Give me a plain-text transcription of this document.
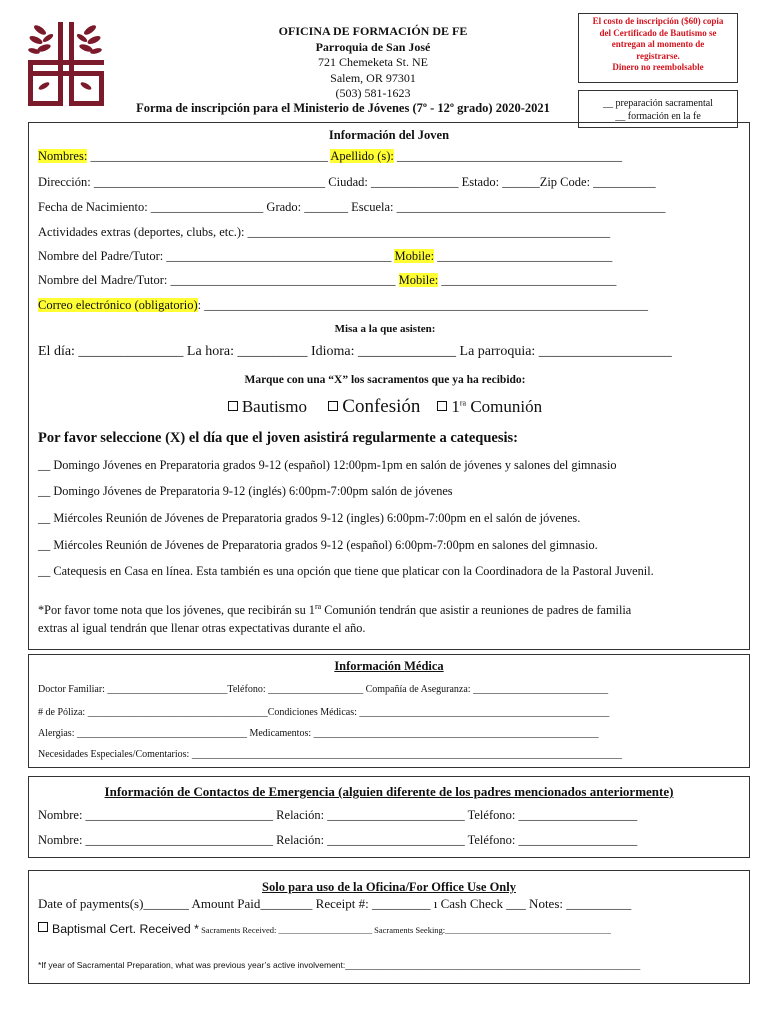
OFICINA DE FORMACIÓN DE FE
Parroquia de San José
721 Chemeketa St. NE
Salem, OR 97301
(503) 581-1623
Forma de inscripción para el Ministerio de Jóvenes (7º - 12º grado) 2020-2021
El costo de inscripción ($60) copia
del Certificado de Bautismo se
entregan al momento de
registrarse.
Dinero no reembolsable
__ preparación sacramental
__ formación en la fe
Información del Joven
Nombres: ______________________________________ Apellido (s): ____________________________________
Dirección: _____________________________________ Ciudad: ______________ Estado: ______Zip Code: __________
Fecha de Nacimiento: __________________ Grado: _______ Escuela: ___________________________________________
Actividades extras (deportes, clubs, etc.): __________________________________________________________
Nombre del Padre/Tutor: ____________________________________ Mobile: ____________________________
Nombre del Madre/Tutor: ____________________________________ Mobile: ____________________________
Correo electrónico (obligatorio): _______________________________________________________________________
Misa a la que asisten:
El día: _______________ La hora: __________ Idioma: ______________ La parroquia: ___________________
Marque con una “X” los sacramentos que ya ha recibido:
Bautismo Confesión $1^{ra}$ Comunión
Por favor seleccione (X) el día que el joven asistirá regularmente a catequesis:
__ Domingo Jóvenes en Preparatoria grados 9-12 (español) 12:00pm-1pm en salón de jóvenes y salones del gimnasio
__ Domingo Jóvenes de Preparatoria 9-12 (inglés) 6:00pm-7:00pm salón de jóvenes
__ Miércoles Reunión de Jóvenes de Preparatoria grados 9-12 (ingles) 6:00pm-7:00pm en el salón de jóvenes.
__ Miércoles Reunión de Jóvenes de Preparatoria grados 9-12 (español) 6:00pm-7:00pm en salones del gimnasio.
__ Catequesis en Casa en línea. Esta también es una opción que tiene que platicar con la Coordinadora de la Pastoral Juvenil.
*Por favor tome nota que los jóvenes, que recibirán su $1^{ra}$ Comunión tendrán que asistir a reuniones de padres de familia
extras al igual tendrán que llenar otras expectativas durante el año.
Información Médica
Doctor Familiar: ________________________Teléfono: ___________________ Compañía de Aseguranza: ___________________________
# de Póliza: ____________________________________Condiciones Médicas: __________________________________________________
Alergias: __________________________________ Medicamentos: _________________________________________________________
Necesidades Especiales/Comentarios: ______________________________________________________________________________________
Información de Contactos de Emergencia (alguien diferente de los padres mencionados anteriormente)
Nombre: ______________________________ Relación: ______________________ Teléfono: ___________________
Nombre: ______________________________ Relación: ______________________ Teléfono: ___________________
Solo para uso de la Oficina/For Office Use Only
Date of payments(s)_______ Amount Paid________ Receipt #: _________ ı Cash Check ___ Notes: __________
Baptismal Cert. Received * Sacraments Received: ______________________ Sacraments Seeking:_______________________________________
*If year of Sacramental Preparation, what was previous year’s active involvement:___________________________________________________________
